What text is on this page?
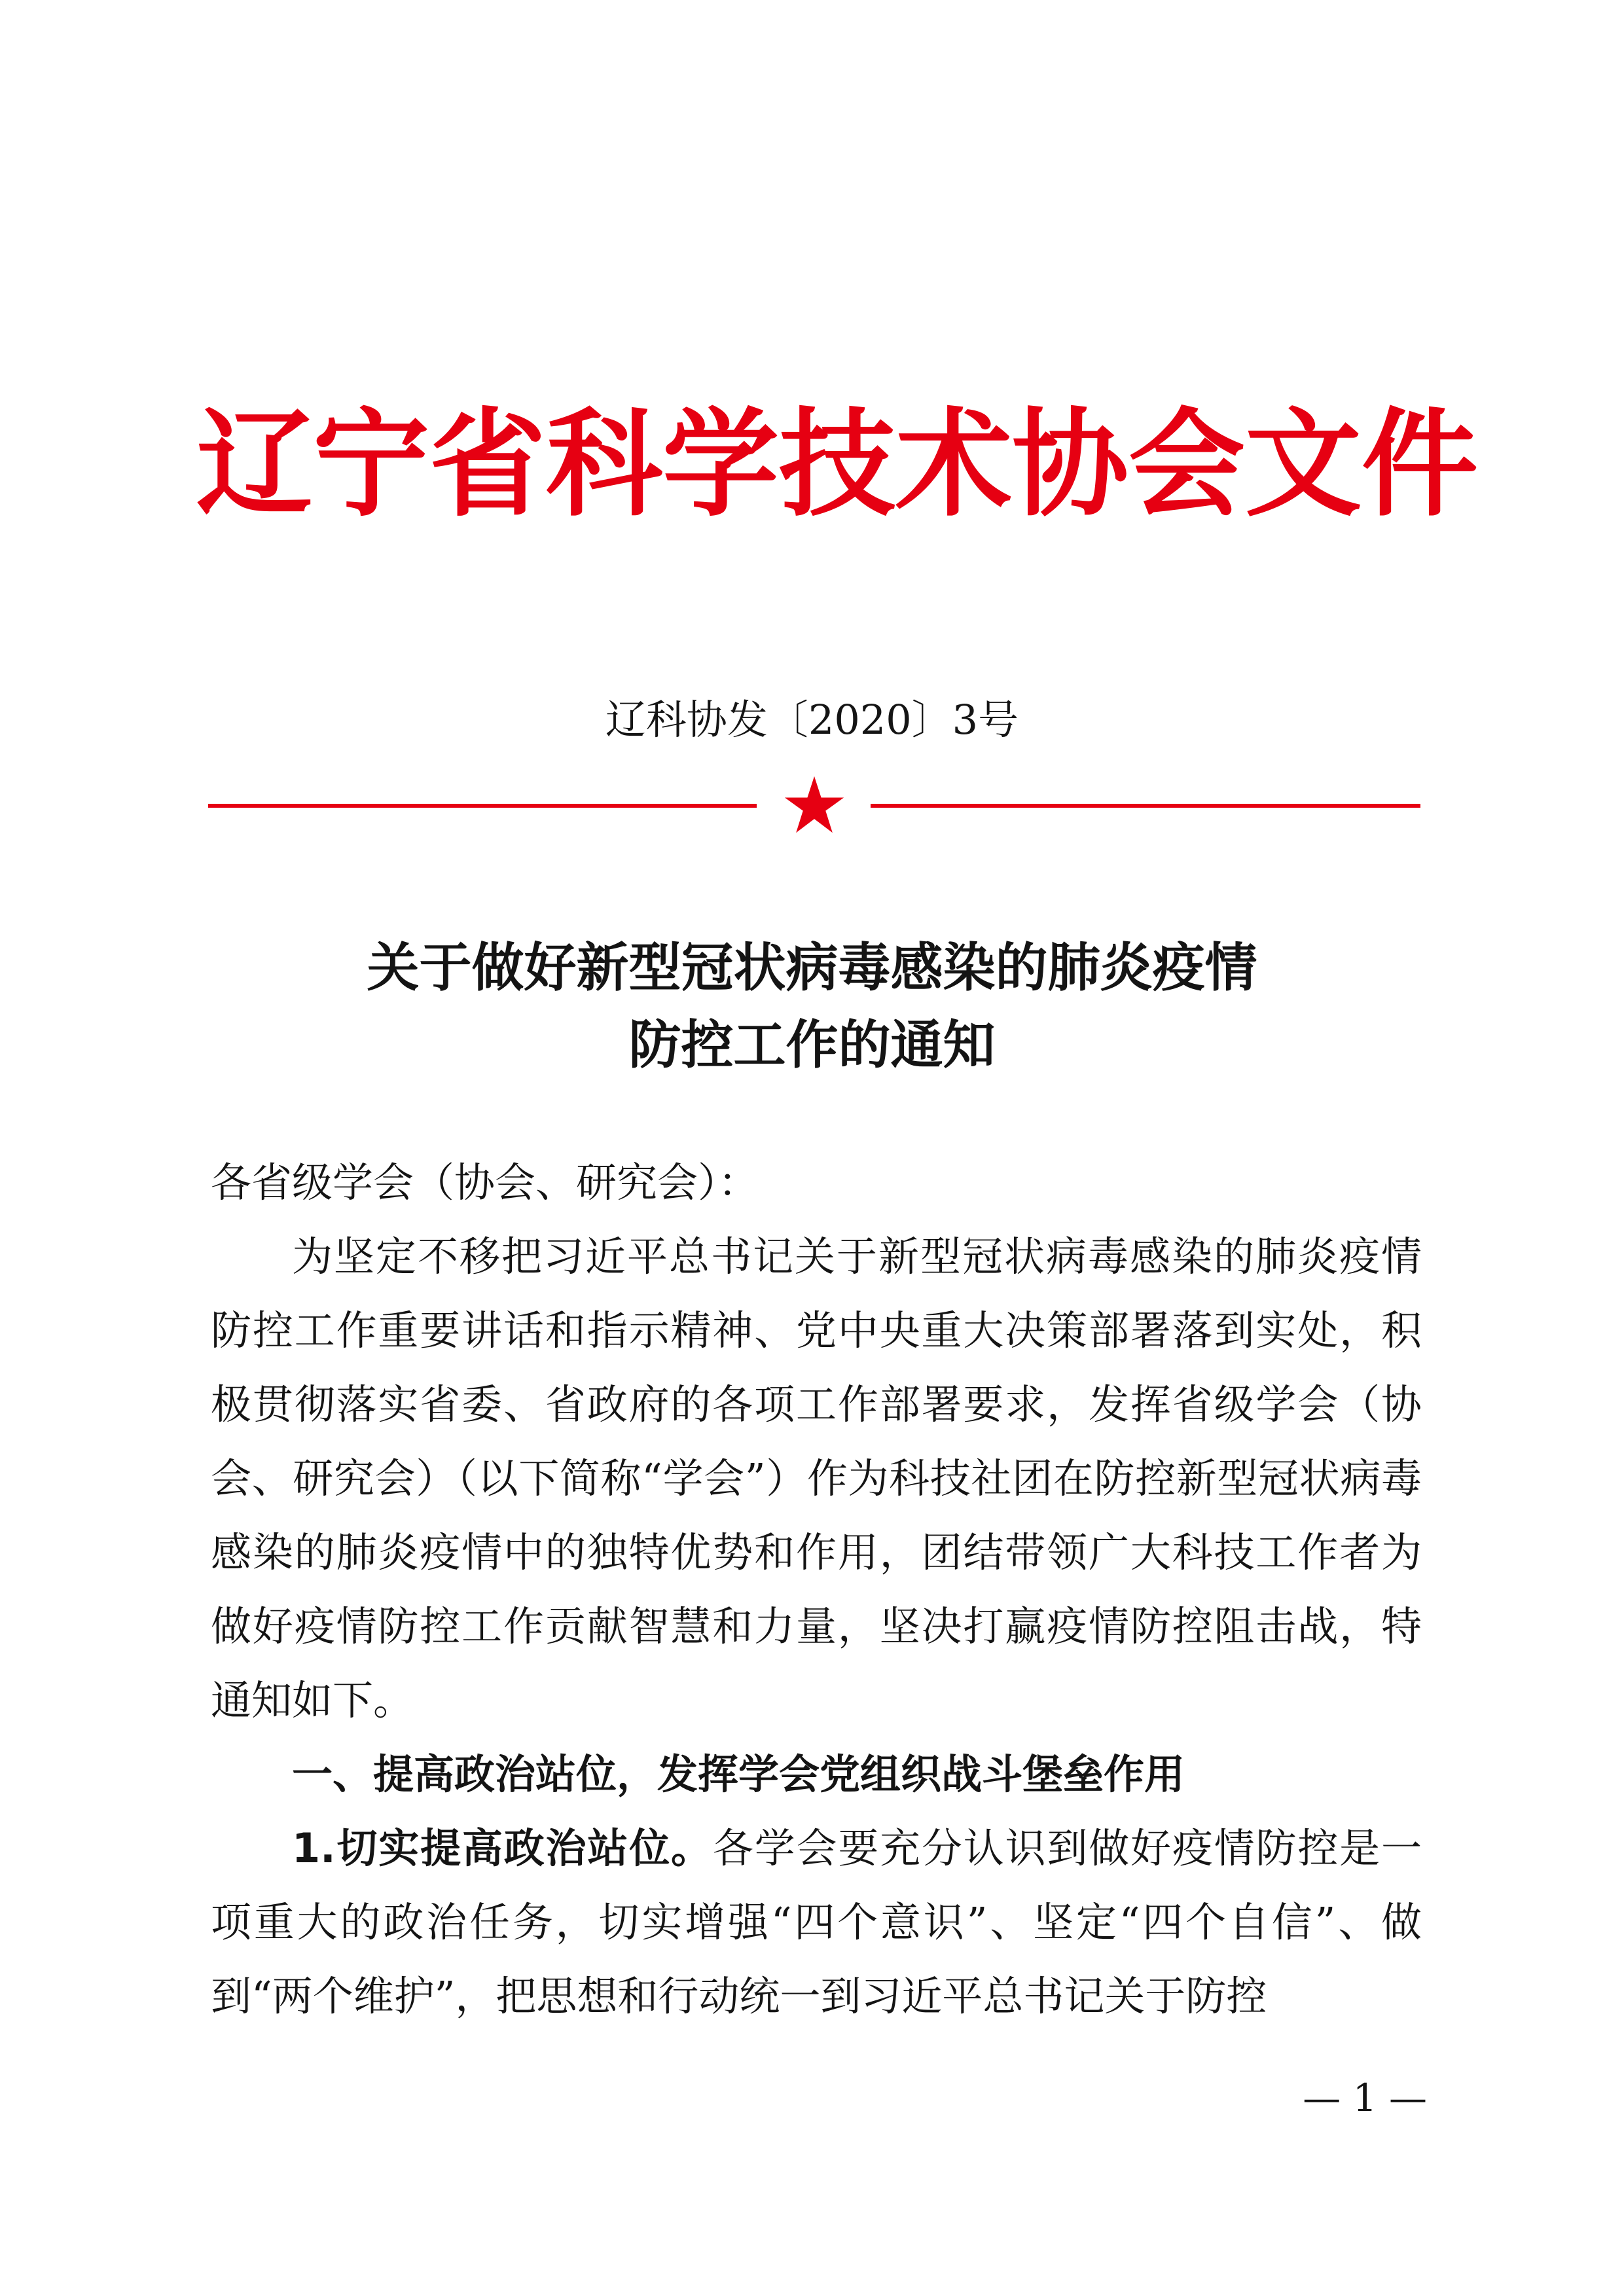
辽宁省科学技术协会文件
辽科协发〔2020〕3号
关于做好新型冠状病毒感染的肺炎疫情
防控工作的通知

各省级学会（协会、研究会）：

为坚定不移把习近平总书记关于新型冠状病毒感染的肺炎疫情防控工作重要讲话和指示精神、党中央重大决策部署落到实处，积极贯彻落实省委、省政府的各项工作部署要求，发挥省级学会（协会、研究会）（以下简称“学会”）作为科技社团在防控新型冠状病毒感染的肺炎疫情中的独特优势和作用，团结带领广大科技工作者为做好疫情防控工作贡献智慧和力量，坚决打赢疫情防控阻击战，特通知如下。

一、提高政治站位，发挥学会党组织战斗堡垒作用

1.切实提高政治站位。各学会要充分认识到做好疫情防控是一项重大的政治任务，切实增强“四个意识”、坚定“四个自信”、做到“两个维护”，把思想和行动统一到习近平总书记关于防控

— 1 —
